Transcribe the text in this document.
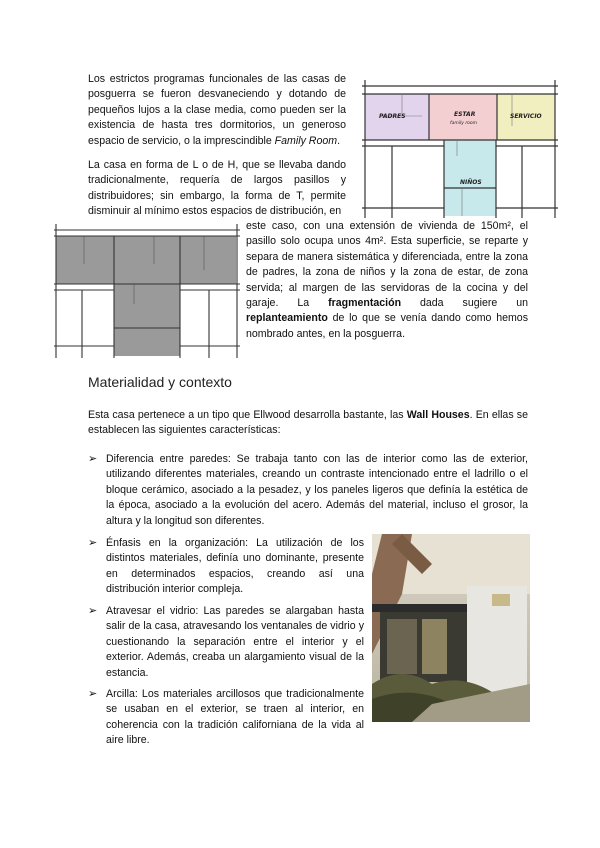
Los estrictos programas funcionales de las casas de posguerra se fueron desvaneciendo y dotando de pequeños lujos a la clase media, como pueden ser la existencia de hasta tres dormitorios, un generoso espacio de servicio, o la imprescindible Family Room.

PADRES	ESTAR
family room
SERVICIO
NIÑOS

La casa en forma de L o de H, que se llevaba dando tradicionalmente, requería de largos pasillos y distribuidores; sin embargo, la forma de T, permite disminuir al mínimo estos espacios de distribución, en

este caso, con una extensión de vivienda de 150m², el pasillo solo ocupa unos 4m². Esta superficie, se reparte y separa de manera sistemática y diferenciada, entre la zona de padres, la zona de niños y la zona de estar, de zona servida; al margen de las servidoras de la cocina y del garaje. La fragmentación dada sugiere un replanteamiento de lo que se venía dando como hemos nombrado antes, en la posguerra.

Materialidad y contexto

Esta casa pertenece a un tipo que Ellwood desarrolla bastante, las Wall Houses. En ellas se establecen las siguientes características:

➢ Diferencia entre paredes: Se trabaja tanto con las de interior como las de exterior, utilizando diferentes materiales, creando un contraste intencionado entre el ladrillo o el bloque cerámico, asociado a la pesadez, y los paneles ligeros que definía la estética de la época, asociado a la evolución del acero. Además del material, incluso el grosor, la altura y la longitud son diferentes.

➢ Énfasis en la organización: La utilización de los distintos materiales, definía uno dominante, presente en determinados espacios, creando así una distribución interior compleja.

➢ Atravesar el vidrio: Las paredes se alargaban hasta salir de la casa, atravesando los ventanales de vidrio y cuestionando la separación entre el interior y el exterior. Además, creaba un alargamiento visual de la estancia.

➢ Arcilla: Los materiales arcillosos que tradicionalmente se usaban en el exterior, se traen al interior, en coherencia con la tradición californiana de la vida al aire libre.
